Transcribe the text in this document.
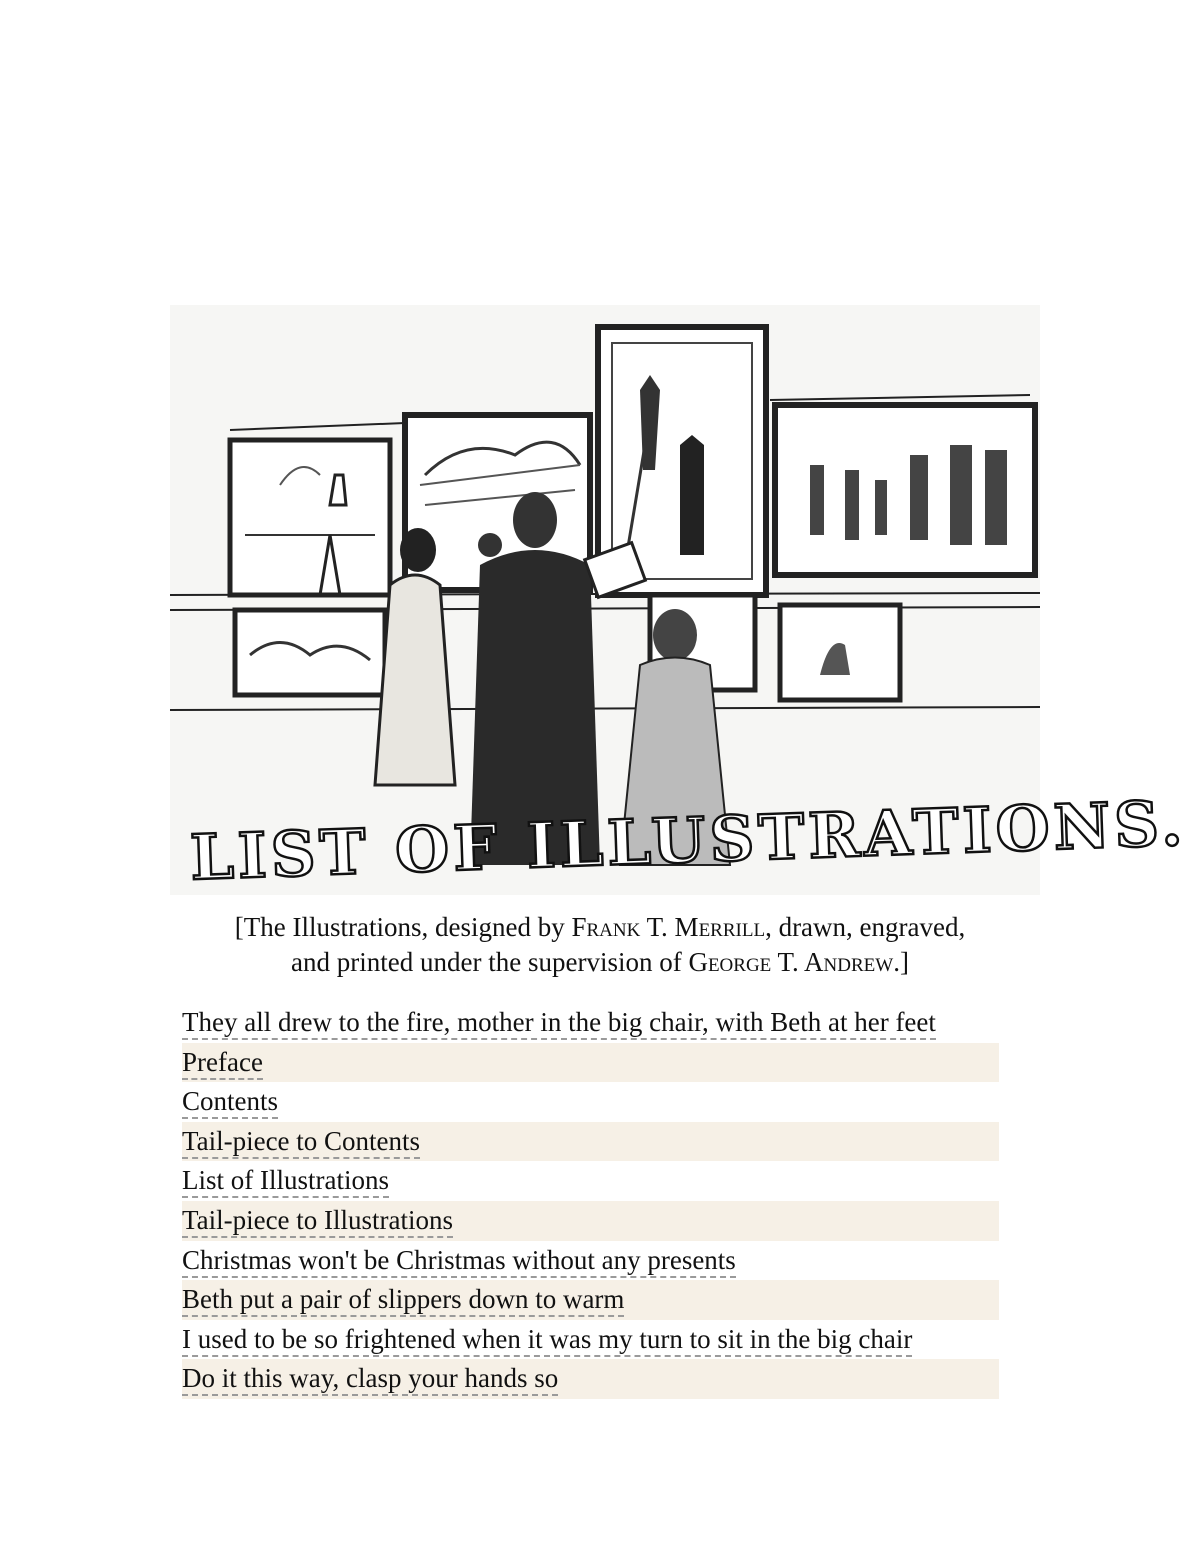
LIST OF ILLUSTRATIONS.
[The Illustrations, designed by Frank T. Merrill, drawn, engraved,
and printed under the supervision of George T. Andrew.]
They all drew to the fire, mother in the big chair, with Beth at her feet
Preface
Contents
Tail-piece to Contents
List of Illustrations
Tail-piece to Illustrations
Christmas won't be Christmas without any presents
Beth put a pair of slippers down to warm
I used to be so frightened when it was my turn to sit in the big chair
Do it this way, clasp your hands so
